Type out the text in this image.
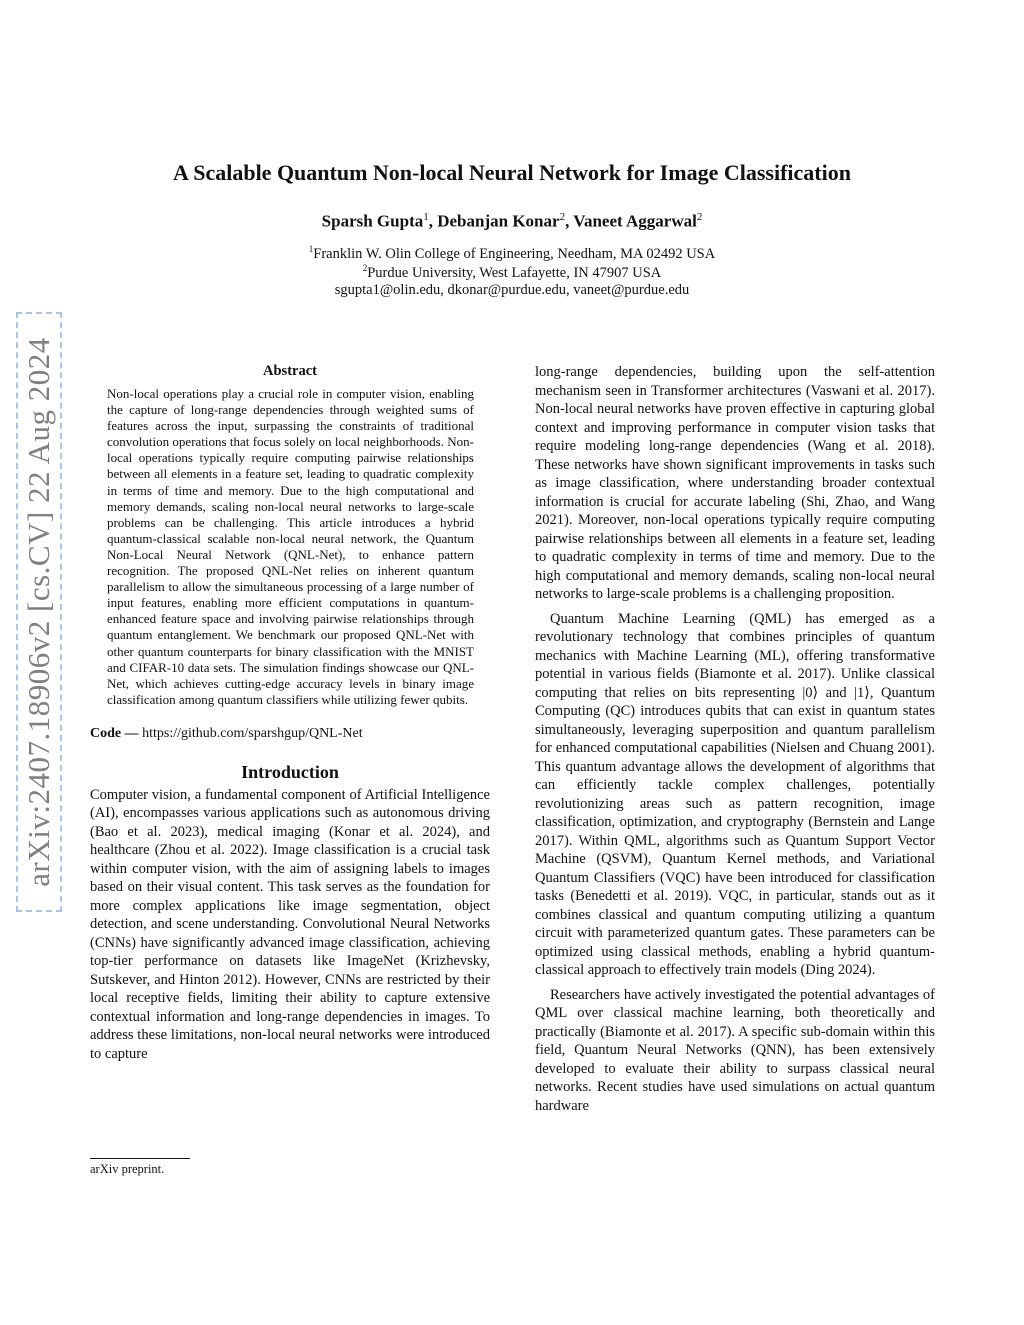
arXiv:2407.18906v2 [cs.CV] 22 Aug 2024
A Scalable Quantum Non-local Neural Network for Image Classification
Sparsh Gupta$^1$, Debanjan Konar$^2$, Vaneet Aggarwal$^2$
$^1$Franklin W. Olin College of Engineering, Needham, MA 02492 USA
$^2$Purdue University, West Lafayette, IN 47907 USA
sgupta1@olin.edu, dkonar@purdue.edu, vaneet@purdue.edu
Abstract

Non-local operations play a crucial role in computer vision, enabling the capture of long-range dependencies through weighted sums of features across the input, surpassing the constraints of traditional convolution operations that focus solely on local neighborhoods. Non-local operations typically require computing pairwise relationships between all elements in a feature set, leading to quadratic complexity in terms of time and memory. Due to the high computational and memory demands, scaling non-local neural networks to large-scale problems can be challenging. This article introduces a hybrid quantum-classical scalable non-local neural network, the Quantum Non-Local Neural Network (QNL-Net), to enhance pattern recognition. The proposed QNL-Net relies on inherent quantum parallelism to allow the simultaneous processing of a large number of input features, enabling more efficient computations in quantum-enhanced feature space and involving pairwise relationships through quantum entanglement. We benchmark our proposed QNL-Net with other quantum counterparts for binary classification with the MNIST and CIFAR-10 data sets. The simulation findings showcase our QNL-Net, which achieves cutting-edge accuracy levels in binary image classification among quantum classifiers while utilizing fewer qubits.

Code — https://github.com/sparshgup/QNL-Net

Introduction

Computer vision, a fundamental component of Artificial Intelligence (AI), encompasses various applications such as autonomous driving (Bao et al. 2023), medical imaging (Konar et al. 2024), and healthcare (Zhou et al. 2022). Image classification is a crucial task within computer vision, with the aim of assigning labels to images based on their visual content. This task serves as the foundation for more complex applications like image segmentation, object detection, and scene understanding. Convolutional Neural Networks (CNNs) have significantly advanced image classification, achieving top-tier performance on datasets like ImageNet (Krizhevsky, Sutskever, and Hinton 2012). However, CNNs are restricted by their local receptive fields, limiting their ability to capture extensive contextual information and long-range dependencies in images. To address these limitations, non-local neural networks were introduced to capture

long-range dependencies, building upon the self-attention mechanism seen in Transformer architectures (Vaswani et al. 2017). Non-local neural networks have proven effective in capturing global context and improving performance in computer vision tasks that require modeling long-range dependencies (Wang et al. 2018). These networks have shown significant improvements in tasks such as image classification, where understanding broader contextual information is crucial for accurate labeling (Shi, Zhao, and Wang 2021). Moreover, non-local operations typically require computing pairwise relationships between all elements in a feature set, leading to quadratic complexity in terms of time and memory. Due to the high computational and memory demands, scaling non-local neural networks to large-scale problems is a challenging proposition.

Quantum Machine Learning (QML) has emerged as a revolutionary technology that combines principles of quantum mechanics with Machine Learning (ML), offering transformative potential in various fields (Biamonte et al. 2017). Unlike classical computing that relies on bits representing |0⟩ and |1⟩, Quantum Computing (QC) introduces qubits that can exist in quantum states simultaneously, leveraging superposition and quantum parallelism for enhanced computational capabilities (Nielsen and Chuang 2001). This quantum advantage allows the development of algorithms that can efficiently tackle complex challenges, potentially revolutionizing areas such as pattern recognition, image classification, optimization, and cryptography (Bernstein and Lange 2017). Within QML, algorithms such as Quantum Support Vector Machine (QSVM), Quantum Kernel methods, and Variational Quantum Classifiers (VQC) have been introduced for classification tasks (Benedetti et al. 2019). VQC, in particular, stands out as it combines classical and quantum computing utilizing a quantum circuit with parameterized quantum gates. These parameters can be optimized using classical methods, enabling a hybrid quantum-classical approach to effectively train models (Ding 2024).

Researchers have actively investigated the potential advantages of QML over classical machine learning, both theoretically and practically (Biamonte et al. 2017). A specific sub-domain within this field, Quantum Neural Networks (QNN), has been extensively developed to evaluate their ability to surpass classical neural networks. Recent studies have used simulations on actual quantum hardware

arXiv preprint.
